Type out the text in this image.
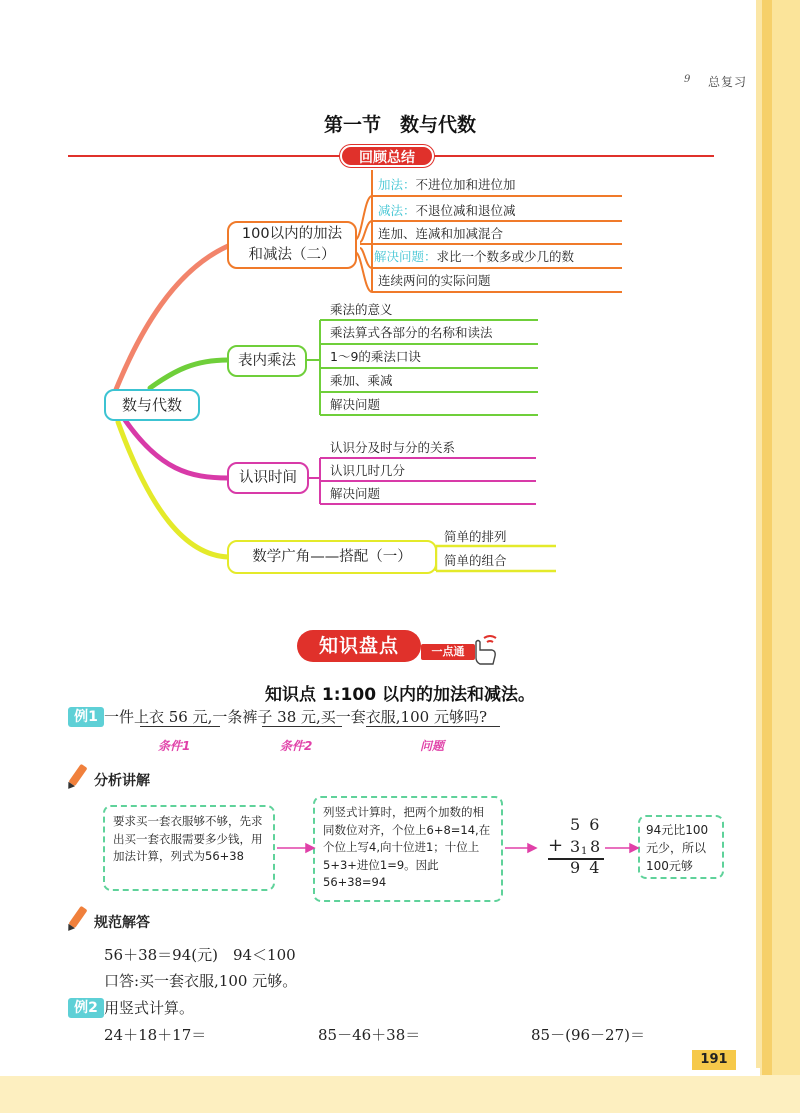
9 总复习
第一节　数与代数
回顾总结
数与代数
100以内的加法
和减法（二）
加法：不进位加和进位加
减法：不退位减和退位减
连加、连减和加减混合
解决问题：求比一个数多或少几的数
连续两问的实际问题
表内乘法
乘法的意义
乘法算式各部分的名称和读法
1～9的乘法口诀
乘加、乘减
解决问题
认识时间
认识分及时与分的关系
认识几时几分
解决问题
数学广角——搭配（一）
简单的排列
简单的组合
知识盘点	一点通
知识点 1:100 以内的加法和减法。
例1 一件上衣 56 元,一条裤子 38 元,买一套衣服,100 元够吗?
条件1	条件2	问题
分析讲解
要求买一套衣服够不够，先求出买一套衣服需要多少钱，用加法计算，列式为56+38
列竖式计算时，把两个加数的相同数位对齐，个位上6+8=14,在个位上写4,向十位进1；十位上5+3+进位1=9。因此56+38=94
94元比100元少，所以100元够
5 6
+ 3 1 8
9 4
规范解答
56＋38＝94(元)　94＜100
口答:买一套衣服,100 元够。
例2 用竖式计算。
24＋18＋17＝	85－46＋38＝	85－(96－27)＝
191
